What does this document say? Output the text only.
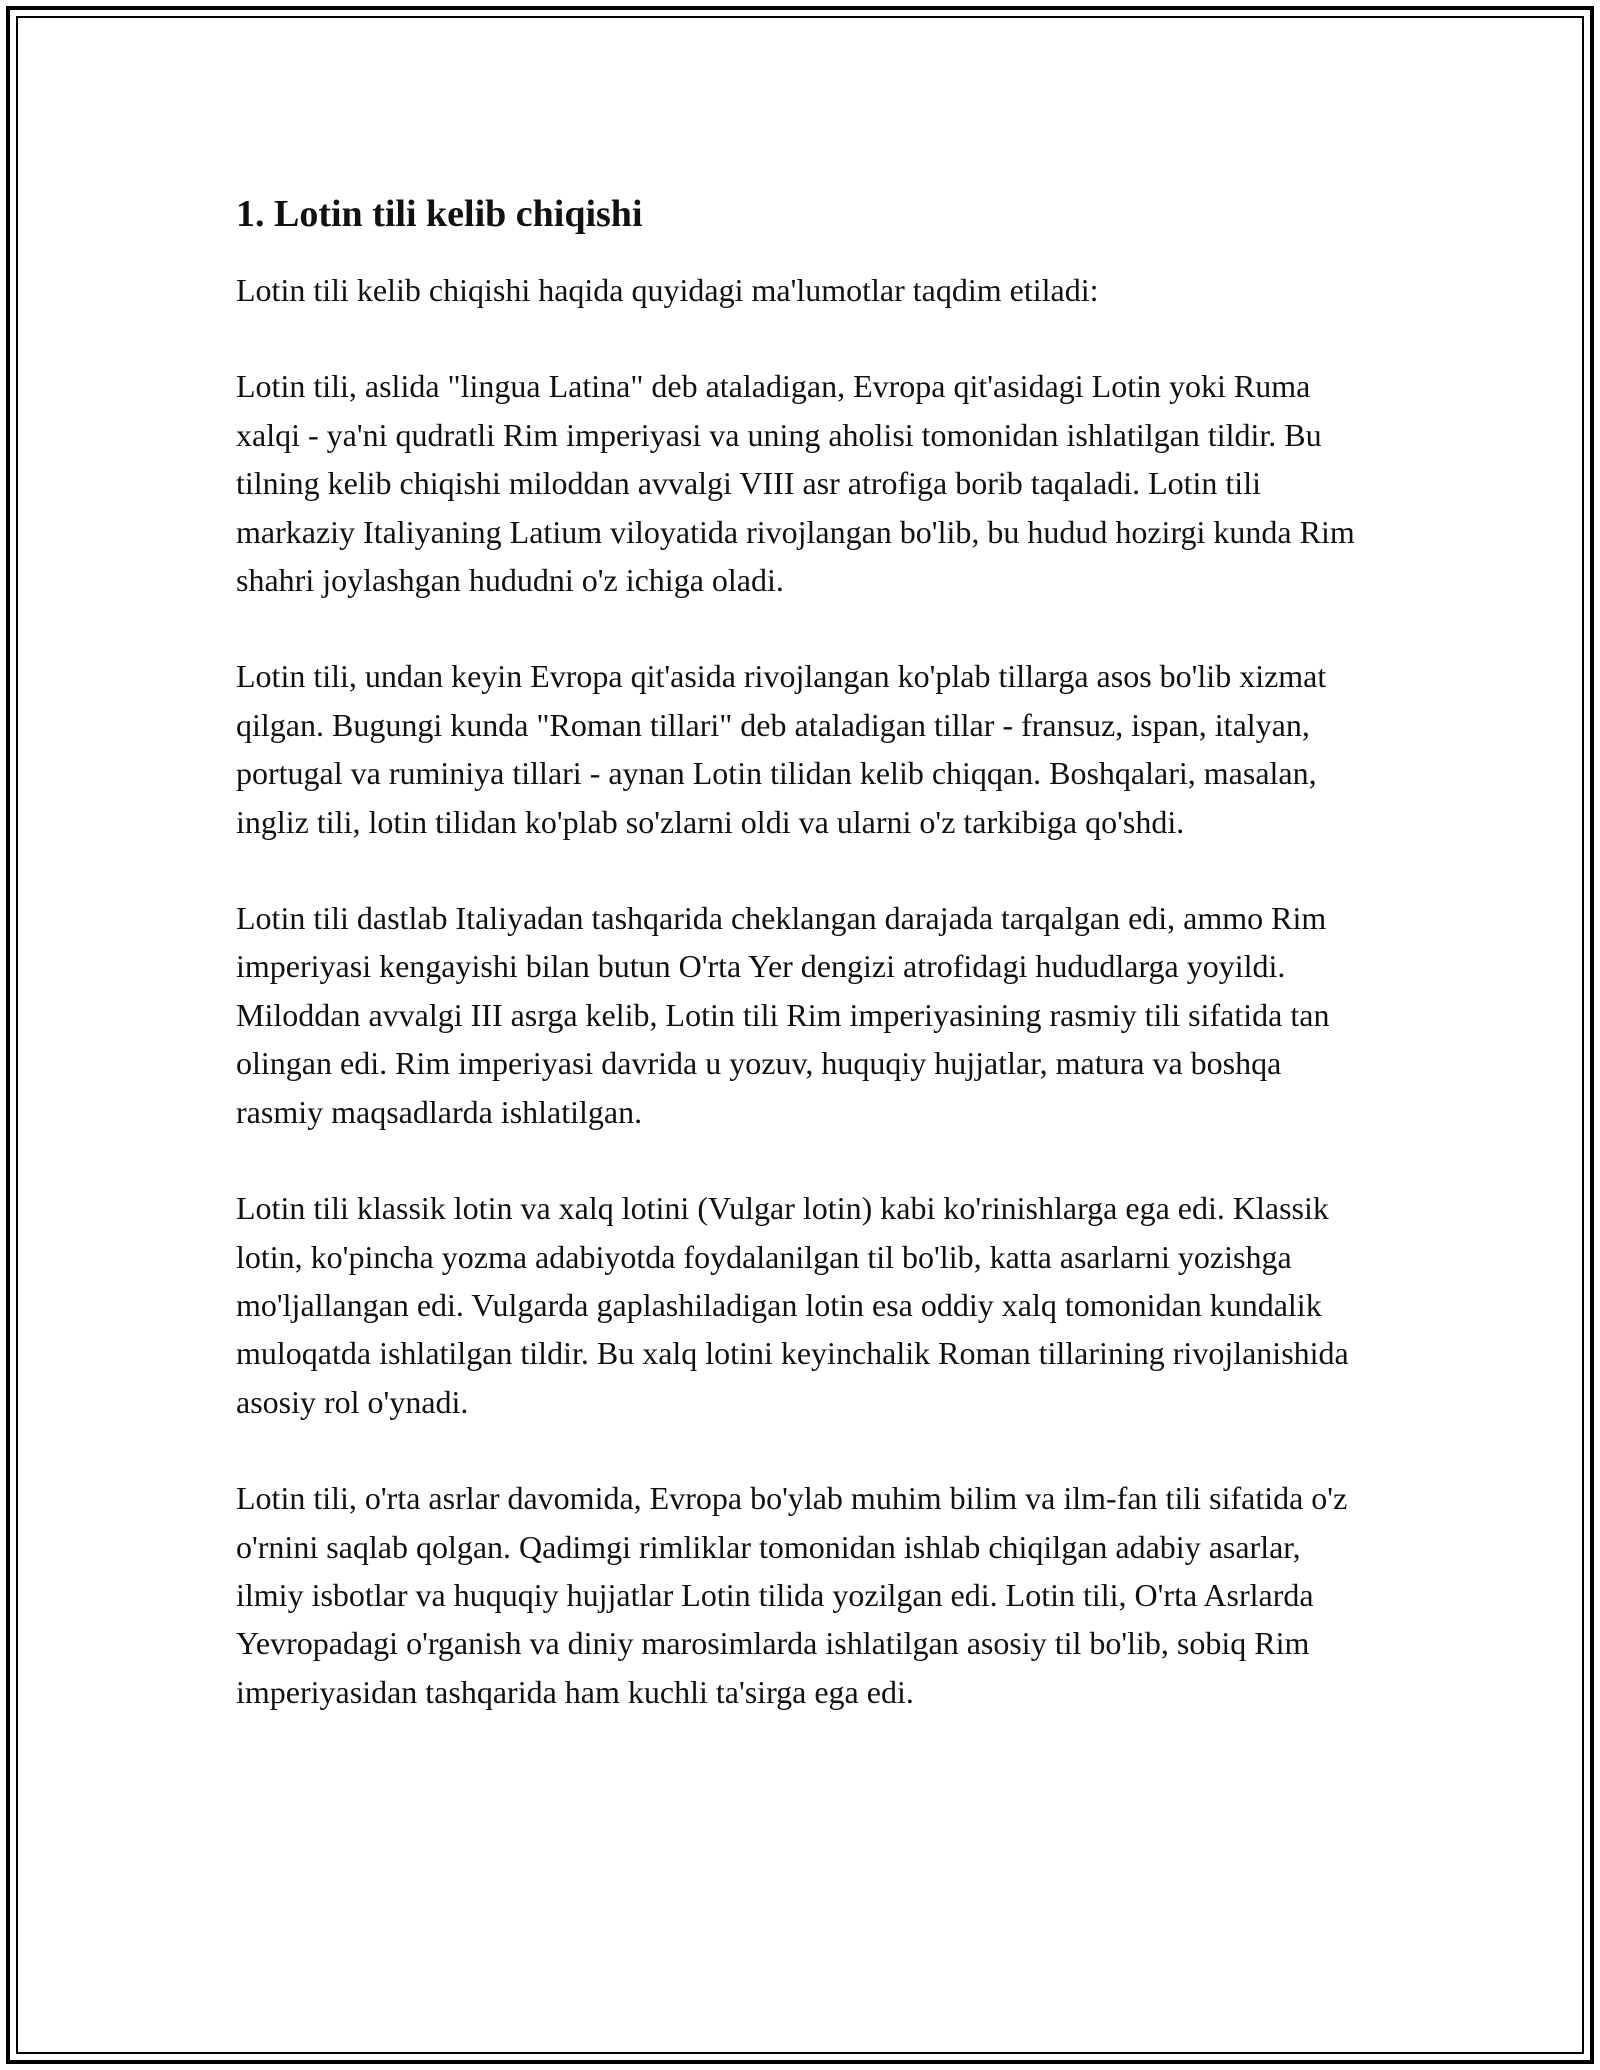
1. Lotin tili kelib chiqishi

Lotin tili kelib chiqishi haqida quyidagi ma'lumotlar taqdim etiladi:

Lotin tili, aslida "lingua Latina" deb ataladigan, Evropa qit'asidagi Lotin yoki Ruma xalqi - ya'ni qudratli Rim imperiyasi va uning aholisi tomonidan ishlatilgan tildir. Bu tilning kelib chiqishi miloddan avvalgi VIII asr atrofiga borib taqaladi. Lotin tili markaziy Italiyaning Latium viloyatida rivojlangan bo'lib, bu hudud hozirgi kunda Rim shahri joylashgan hududni o'z ichiga oladi.

Lotin tili, undan keyin Evropa qit'asida rivojlangan ko'plab tillarga asos bo'lib xizmat qilgan. Bugungi kunda "Roman tillari" deb ataladigan tillar - fransuz, ispan, italyan, portugal va ruminiya tillari - aynan Lotin tilidan kelib chiqqan. Boshqalari, masalan, ingliz tili, lotin tilidan ko'plab so'zlarni oldi va ularni o'z tarkibiga qo'shdi.

Lotin tili dastlab Italiyadan tashqarida cheklangan darajada tarqalgan edi, ammo Rim imperiyasi kengayishi bilan butun O'rta Yer dengizi atrofidagi hududlarga yoyildi. Miloddan avvalgi III asrga kelib, Lotin tili Rim imperiyasining rasmiy tili sifatida tan olingan edi. Rim imperiyasi davrida u yozuv, huquqiy hujjatlar, matura va boshqa rasmiy maqsadlarda ishlatilgan.

Lotin tili klassik lotin va xalq lotini (Vulgar lotin) kabi ko'rinishlarga ega edi. Klassik lotin, ko'pincha yozma adabiyotda foydalanilgan til bo'lib, katta asarlarni yozishga mo'ljallangan edi. Vulgarda gaplashiladigan lotin esa oddiy xalq tomonidan kundalik muloqatda ishlatilgan tildir. Bu xalq lotini keyinchalik Roman tillarining rivojlanishida asosiy rol o'ynadi.

Lotin tili, o'rta asrlar davomida, Evropa bo'ylab muhim bilim va ilm-fan tili sifatida o'z o'rnini saqlab qolgan. Qadimgi rimliklar tomonidan ishlab chiqilgan adabiy asarlar, ilmiy isbotlar va huquqiy hujjatlar Lotin tilida yozilgan edi. Lotin tili, O'rta Asrlarda Yevropadagi o'rganish va diniy marosimlarda ishlatilgan asosiy til bo'lib, sobiq Rim imperiyasidan tashqarida ham kuchli ta'sirga ega edi.
